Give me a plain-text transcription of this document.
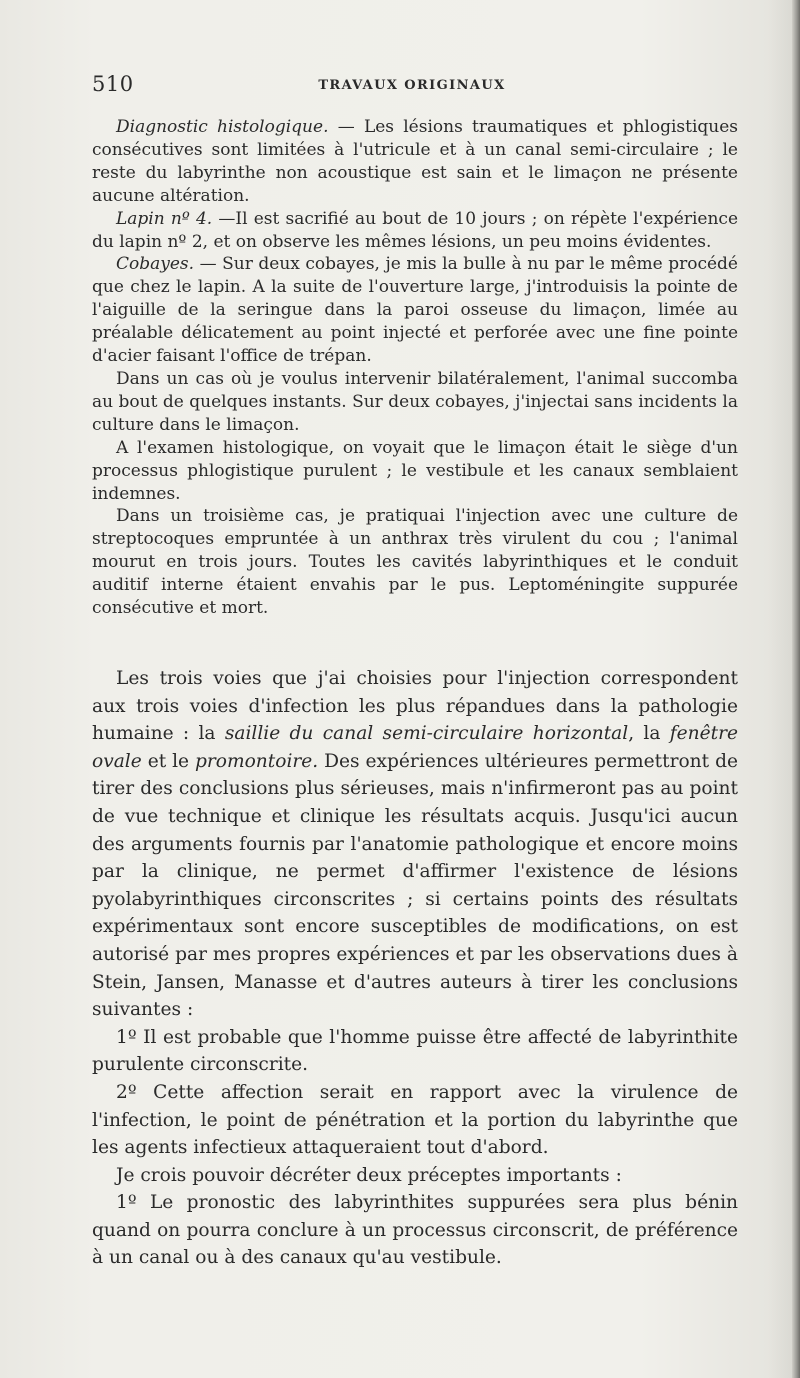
510	TRAVAUX ORIGINAUX

Diagnostic histologique. — Les lésions traumatiques et phlogistiques consécutives sont limitées à l'utricule et à un canal semi-circulaire ; le reste du labyrinthe non acoustique est sain et le limaçon ne présente aucune altération.

Lapin nº 4. —Il est sacrifié au bout de 10 jours ; on répète l'expérience du lapin nº 2, et on observe les mêmes lésions, un peu moins évidentes.

Cobayes. — Sur deux cobayes, je mis la bulle à nu par le même procédé que chez le lapin. A la suite de l'ouverture large, j'introduisis la pointe de l'aiguille de la seringue dans la paroi osseuse du limaçon, limée au préalable délicatement au point injecté et perforée avec une fine pointe d'acier faisant l'office de trépan.

Dans un cas où je voulus intervenir bilatéralement, l'animal succomba au bout de quelques instants. Sur deux cobayes, j'injectai sans incidents la culture dans le limaçon.

A l'examen histologique, on voyait que le limaçon était le siège d'un processus phlogistique purulent ; le vestibule et les canaux semblaient indemnes.

Dans un troisième cas, je pratiquai l'injection avec une culture de streptocoques empruntée à un anthrax très virulent du cou ; l'animal mourut en trois jours. Toutes les cavités labyrinthiques et le conduit auditif interne étaient envahis par le pus. Leptoméningite suppurée consécutive et mort.

Les trois voies que j'ai choisies pour l'injection correspondent aux trois voies d'infection les plus répandues dans la pathologie humaine : la saillie du canal semi-circulaire horizontal, la fenêtre ovale et le promontoire. Des expériences ultérieures permettront de tirer des conclusions plus sérieuses, mais n'infirmeront pas au point de vue technique et clinique les résultats acquis. Jusqu'ici aucun des arguments fournis par l'anatomie pathologique et encore moins par la clinique, ne permet d'affirmer l'existence de lésions pyolabyrinthiques circonscrites ; si certains points des résultats expérimentaux sont encore susceptibles de modifications, on est autorisé par mes propres expériences et par les observations dues à Stein, Jansen, Manasse et d'autres auteurs à tirer les conclusions suivantes :

1º Il est probable que l'homme puisse être affecté de labyrinthite purulente circonscrite.

2º Cette affection serait en rapport avec la virulence de l'infection, le point de pénétration et la portion du labyrinthe que les agents infectieux attaqueraient tout d'abord.

Je crois pouvoir décréter deux préceptes importants :

1º Le pronostic des labyrinthites suppurées sera plus bénin quand on pourra conclure à un processus circonscrit, de préférence à un canal ou à des canaux qu'au vestibule.
